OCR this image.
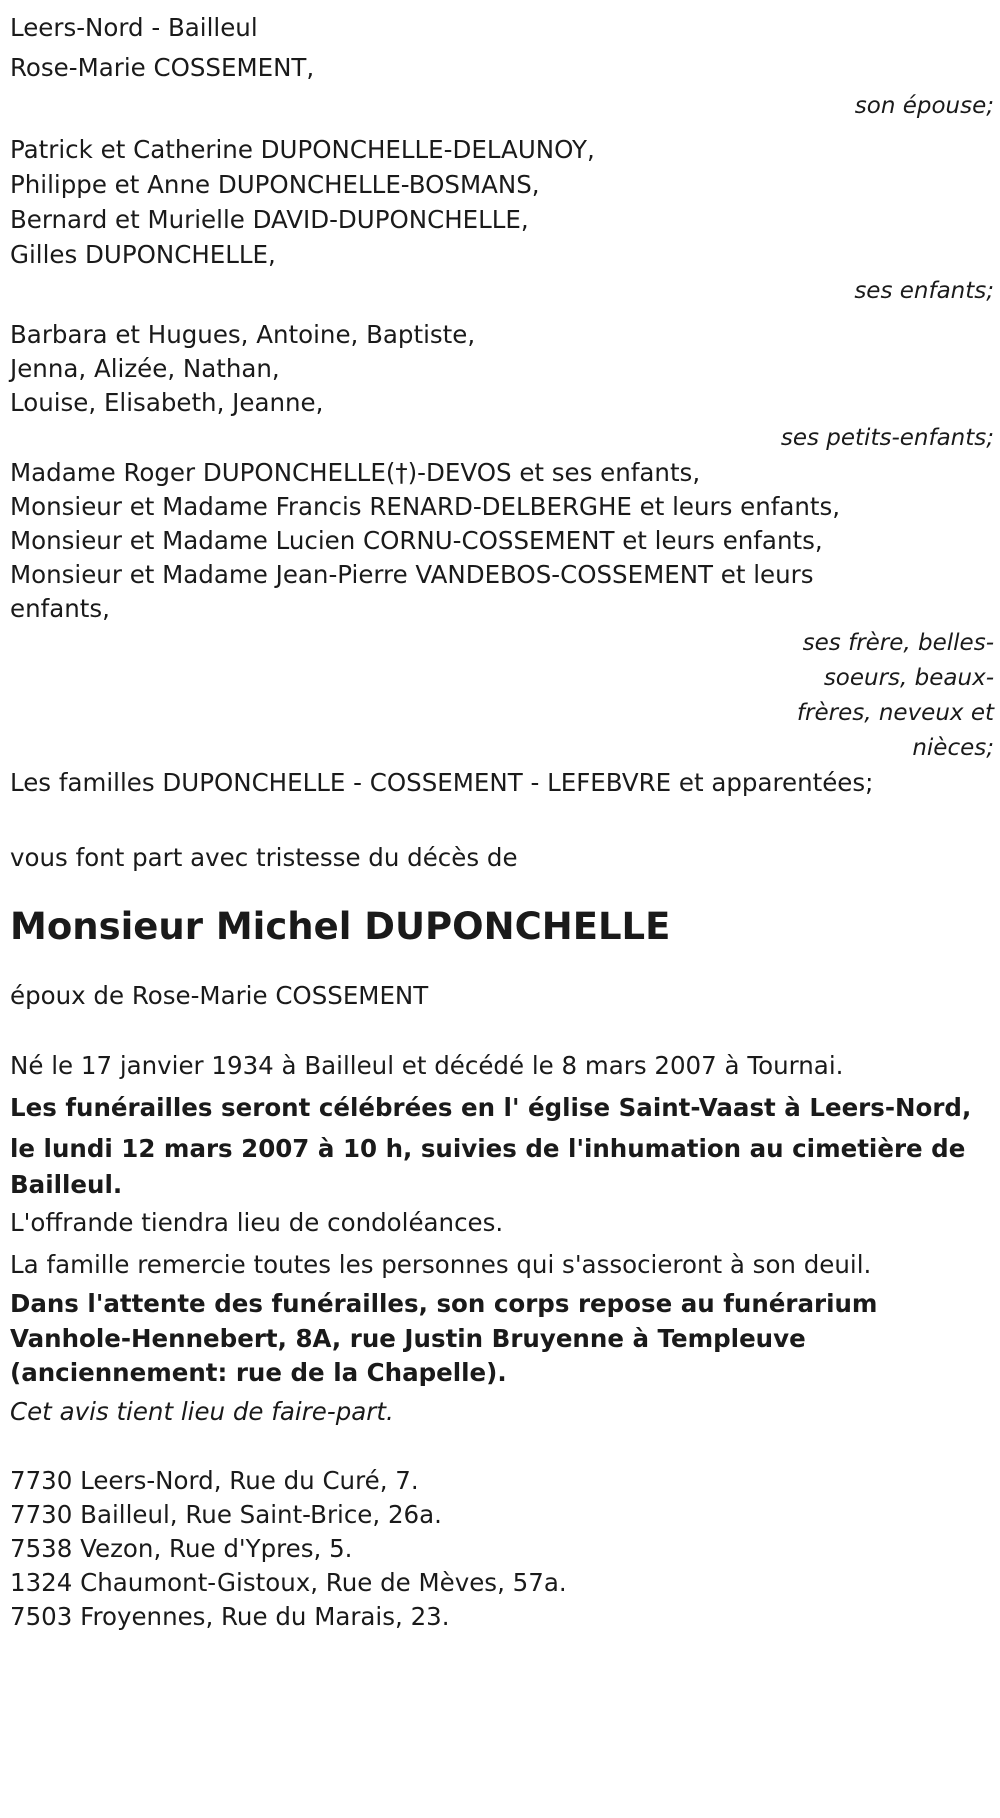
Leers-Nord - Bailleul
Rose-Marie COSSEMENT,
son épouse;
Patrick et Catherine DUPONCHELLE-DELAUNOY,
Philippe et Anne DUPONCHELLE-BOSMANS,
Bernard et Murielle DAVID-DUPONCHELLE,
Gilles DUPONCHELLE,
ses enfants;
Barbara et Hugues, Antoine, Baptiste,
Jenna, Alizée, Nathan,
Louise, Elisabeth, Jeanne,
ses petits-enfants;
Madame Roger DUPONCHELLE(†)-DEVOS et ses enfants,
Monsieur et Madame Francis RENARD-DELBERGHE et leurs enfants,
Monsieur et Madame Lucien CORNU-COSSEMENT et leurs enfants,
Monsieur et Madame Jean-Pierre VANDEBOS-COSSEMENT et leurs
enfants,
ses frère, belles-
soeurs, beaux-
frères, neveux et
nièces;
Les familles DUPONCHELLE - COSSEMENT - LEFEBVRE et apparentées;
vous font part avec tristesse du décès de
Monsieur Michel DUPONCHELLE
époux de Rose-Marie COSSEMENT
Né le 17 janvier 1934 à Bailleul et décédé le 8 mars 2007 à Tournai.
Les funérailles seront célébrées en l' église Saint-Vaast à Leers-Nord,
le lundi 12 mars 2007 à 10 h, suivies de l'inhumation au cimetière de
Bailleul.
L'offrande tiendra lieu de condoléances.
La famille remercie toutes les personnes qui s'associeront à son deuil.
Dans l'attente des funérailles, son corps repose au funérarium
Vanhole-Hennebert, 8A, rue Justin Bruyenne à Templeuve
(anciennement: rue de la Chapelle).
Cet avis tient lieu de faire-part.
7730 Leers-Nord, Rue du Curé, 7.
7730 Bailleul, Rue Saint-Brice, 26a.
7538 Vezon, Rue d'Ypres, 5.
1324 Chaumont-Gistoux, Rue de Mèves, 57a.
7503 Froyennes, Rue du Marais, 23.
